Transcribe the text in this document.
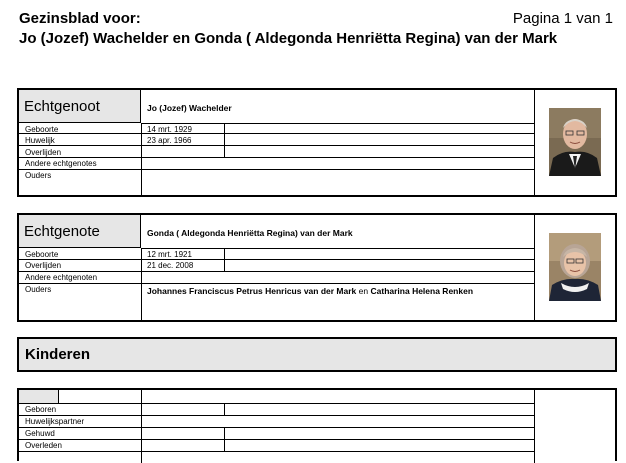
Gezinsblad voor:	Pagina 1 van 1
Jo (Jozef) Wachelder en Gonda ( Aldegonda Henriëtta Regina) van der Mark
Echtgenoot	Jo (Jozef) Wachelder
Geboorte	14 mrt. 1929
Huwelijk	23 apr. 1966
Overlijden
Andere echtgenotes
Ouders
Echtgenote	Gonda ( Aldegonda Henriëtta Regina) van der Mark
Geboorte	12 mrt. 1921
Overlijden	21 dec. 2008
Andere echtgenoten
Ouders	Johannes Franciscus Petrus Henricus van der Mark en Catharina Helena Renken
Kinderen
Geboren
Huwelijkspartner
Gehuwd
Overleden
